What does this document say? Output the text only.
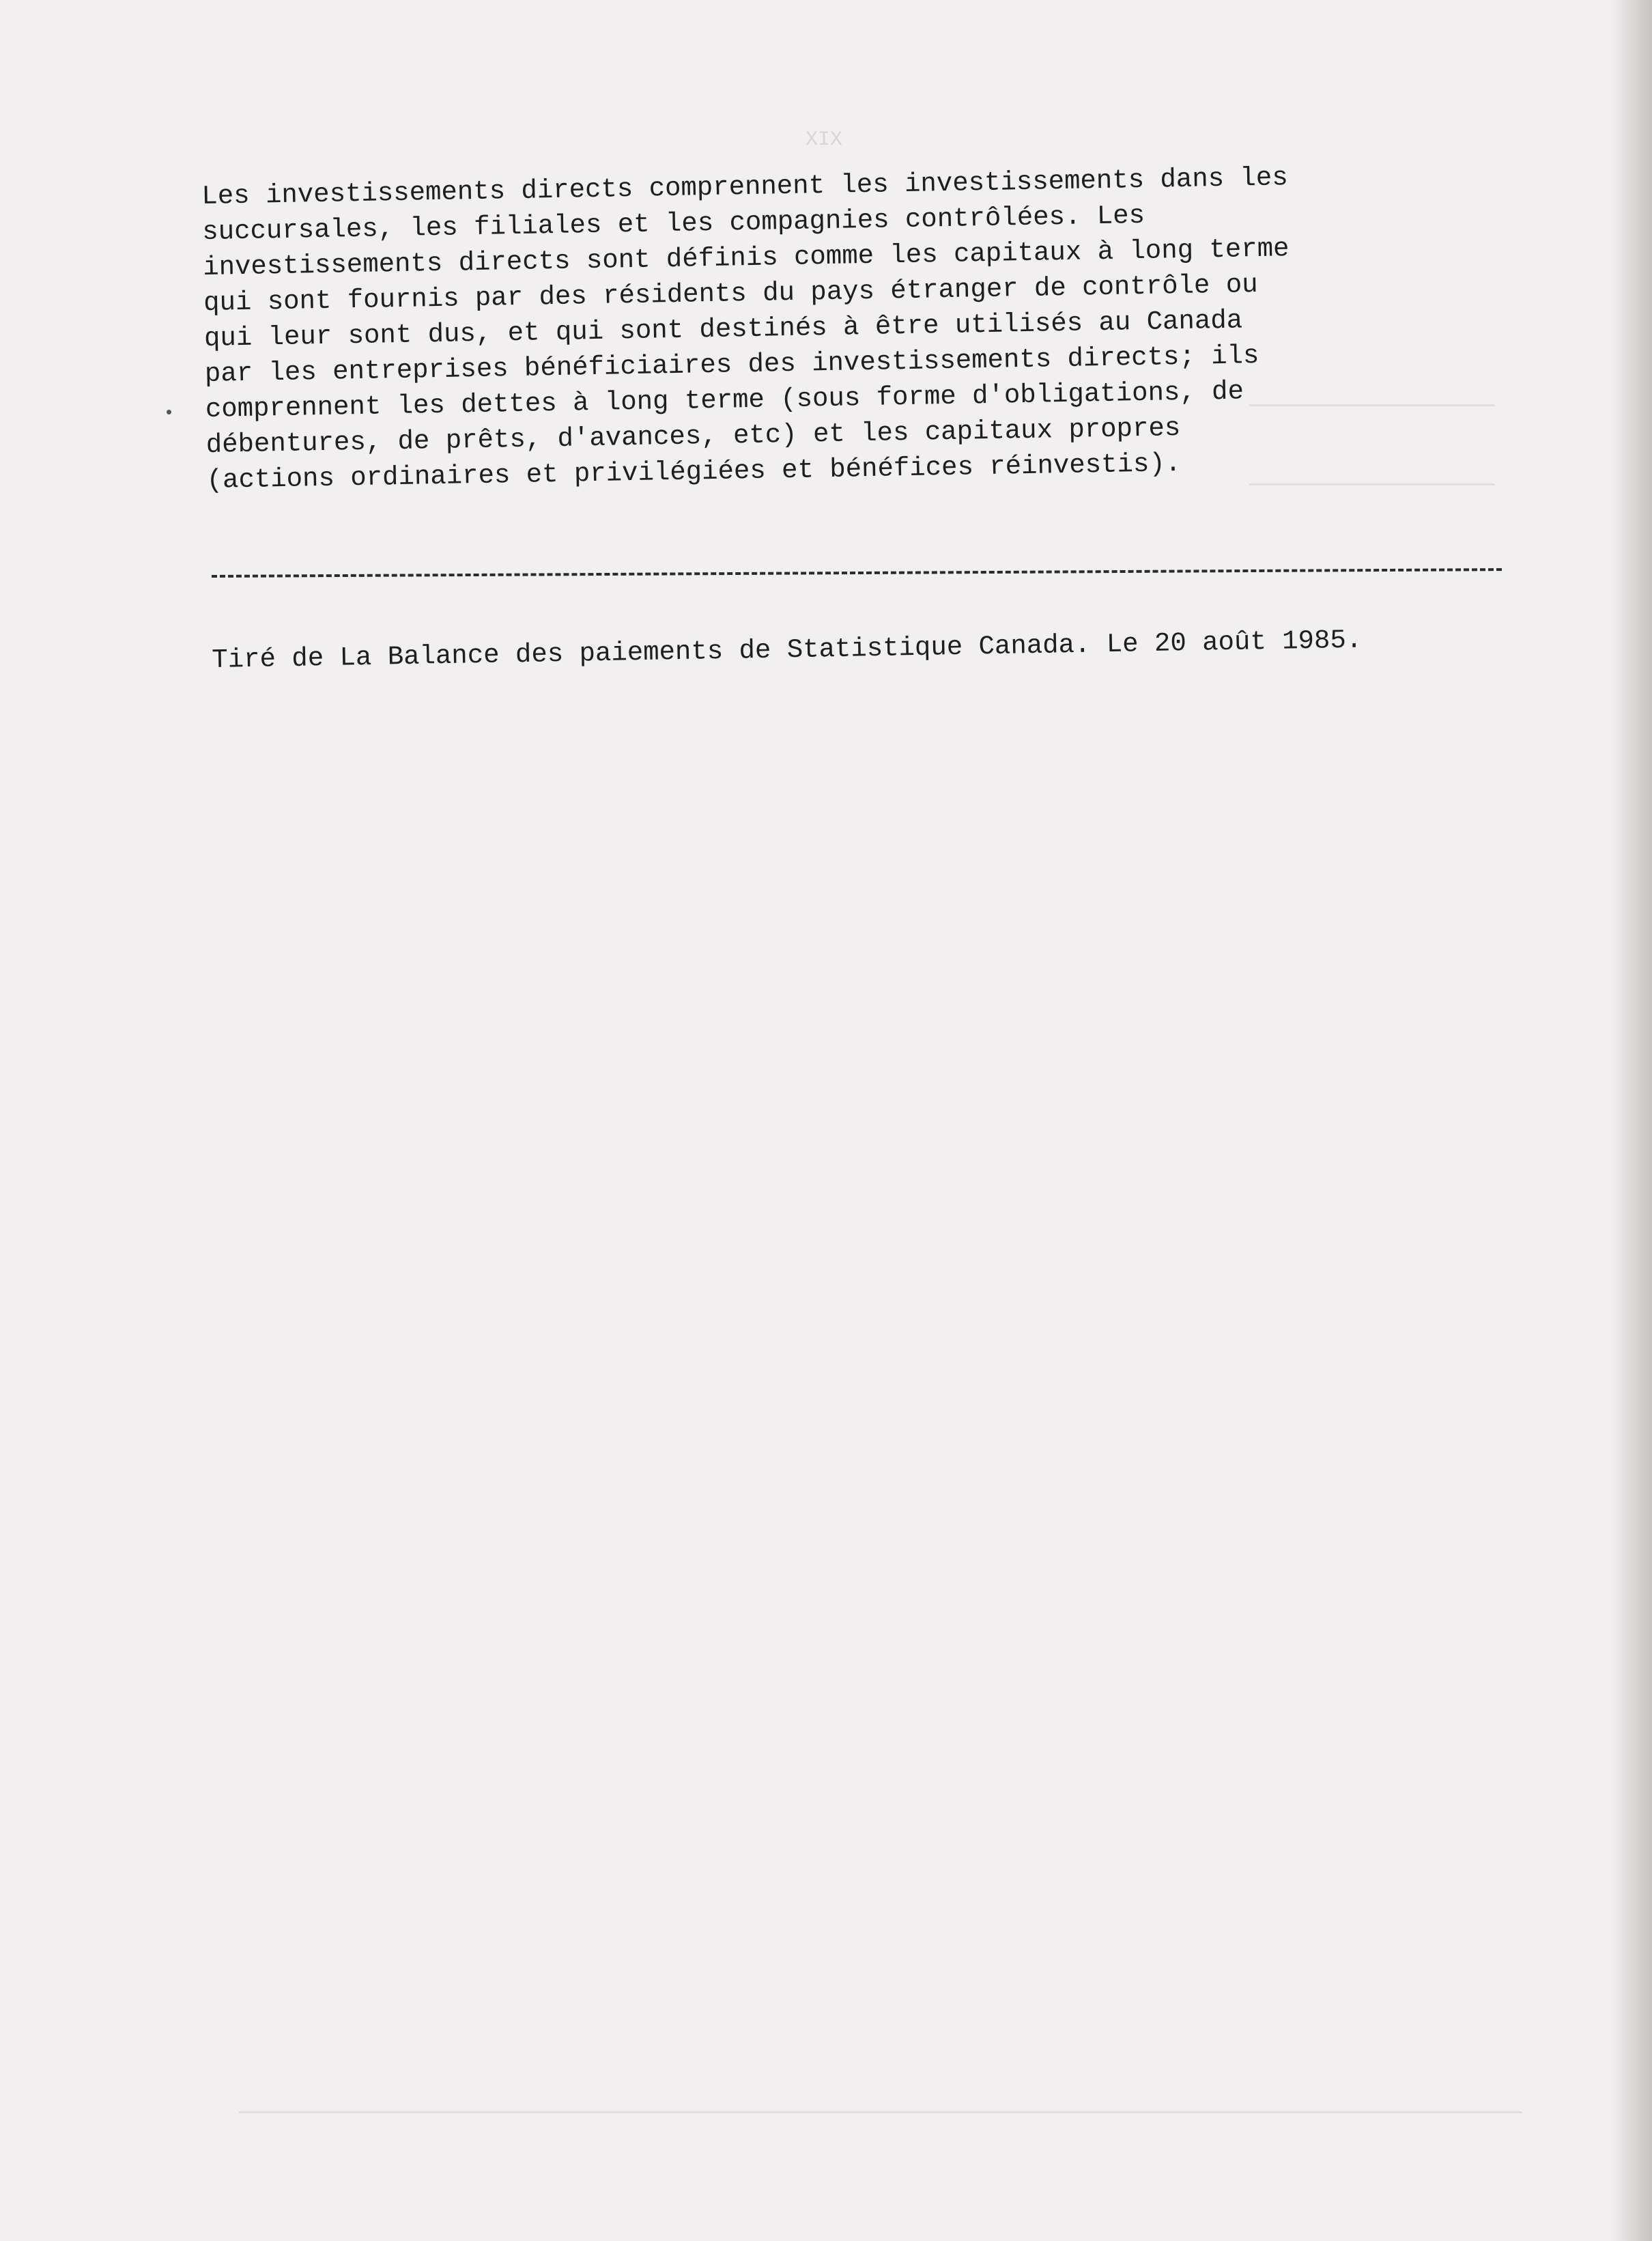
XIX
Les investissements directs comprennent les investissements dans les
succursales, les filiales et les compagnies contrôlées. Les
investissements directs sont définis comme les capitaux à long terme
qui sont fournis par des résidents du pays étranger de contrôle ou
qui leur sont dus, et qui sont destinés à être utilisés au Canada
par les entreprises bénéficiaires des investissements directs; ils
comprennent les dettes à long terme (sous forme d'obligations, de
débentures, de prêts, d'avances, etc) et les capitaux propres
(actions ordinaires et privilégiées et bénéfices réinvestis).
Tiré de La Balance des paiements de Statistique Canada. Le 20 août 1985.
